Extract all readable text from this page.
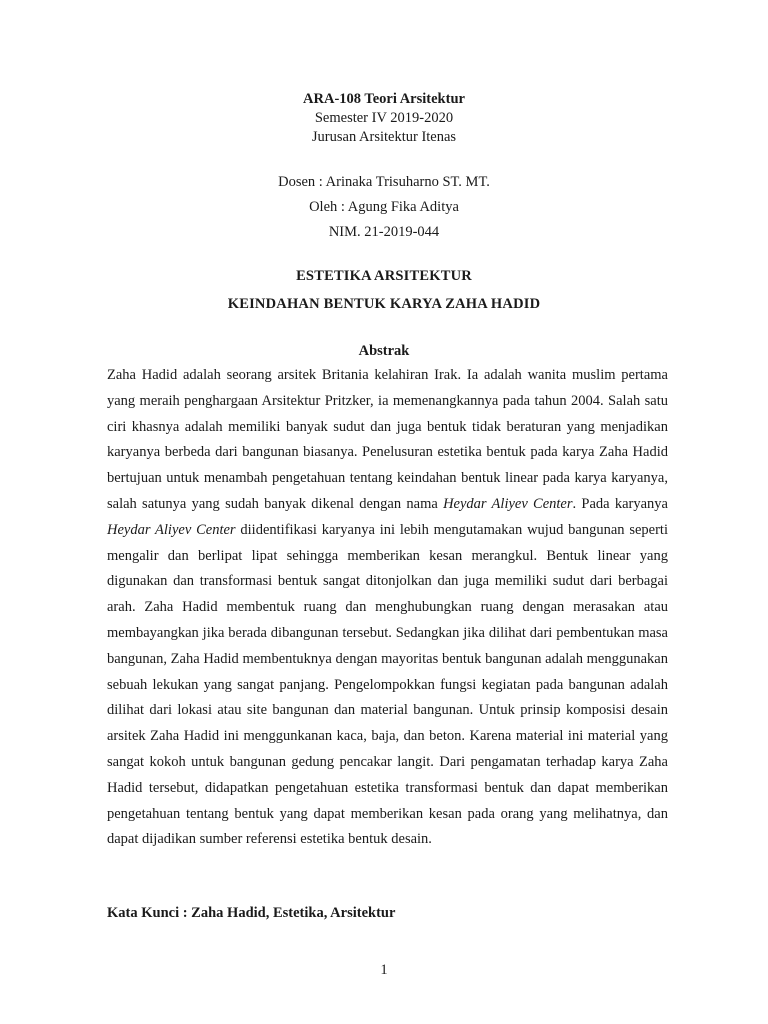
ARA-108 Teori Arsitektur
Semester IV 2019-2020
Jurusan Arsitektur Itenas
Dosen : Arinaka Trisuharno ST. MT.
Oleh : Agung Fika Aditya
NIM. 21-2019-044
ESTETIKA ARSITEKTUR
KEINDAHAN BENTUK KARYA ZAHA HADID
Abstrak
Zaha Hadid adalah seorang arsitek Britania kelahiran Irak. Ia adalah wanita muslim pertama yang meraih penghargaan Arsitektur Pritzker, ia memenangkannya pada tahun 2004. Salah satu ciri khasnya adalah memiliki banyak sudut dan juga bentuk tidak beraturan yang menjadikan karyanya berbeda dari bangunan biasanya. Penelusuran estetika bentuk pada karya Zaha Hadid bertujuan untuk menambah pengetahuan tentang keindahan bentuk linear pada karya karyanya, salah satunya yang sudah banyak dikenal dengan nama Heydar Aliyev Center. Pada karyanya Heydar Aliyev Center diidentifikasi karyanya ini lebih mengutamakan wujud bangunan seperti mengalir dan berlipat lipat sehingga memberikan kesan merangkul. Bentuk linear yang digunakan dan transformasi bentuk sangat ditonjolkan dan juga memiliki sudut dari berbagai arah. Zaha Hadid membentuk ruang dan menghubungkan ruang dengan merasakan atau membayangkan jika berada dibangunan tersebut. Sedangkan jika dilihat dari pembentukan masa bangunan, Zaha Hadid membentuknya dengan mayoritas bentuk bangunan adalah menggunakan sebuah lekukan yang sangat panjang. Pengelompokkan fungsi kegiatan pada bangunan adalah dilihat dari lokasi atau site bangunan dan material bangunan. Untuk prinsip komposisi desain arsitek Zaha Hadid ini menggunkanan kaca, baja, dan beton. Karena material ini material yang sangat kokoh untuk bangunan gedung pencakar langit. Dari pengamatan terhadap karya Zaha Hadid tersebut, didapatkan pengetahuan estetika transformasi bentuk dan dapat memberikan pengetahuan tentang bentuk yang dapat memberikan kesan pada orang yang melihatnya, dan dapat dijadikan sumber referensi estetika bentuk desain.
Kata Kunci : Zaha Hadid, Estetika, Arsitektur
1
